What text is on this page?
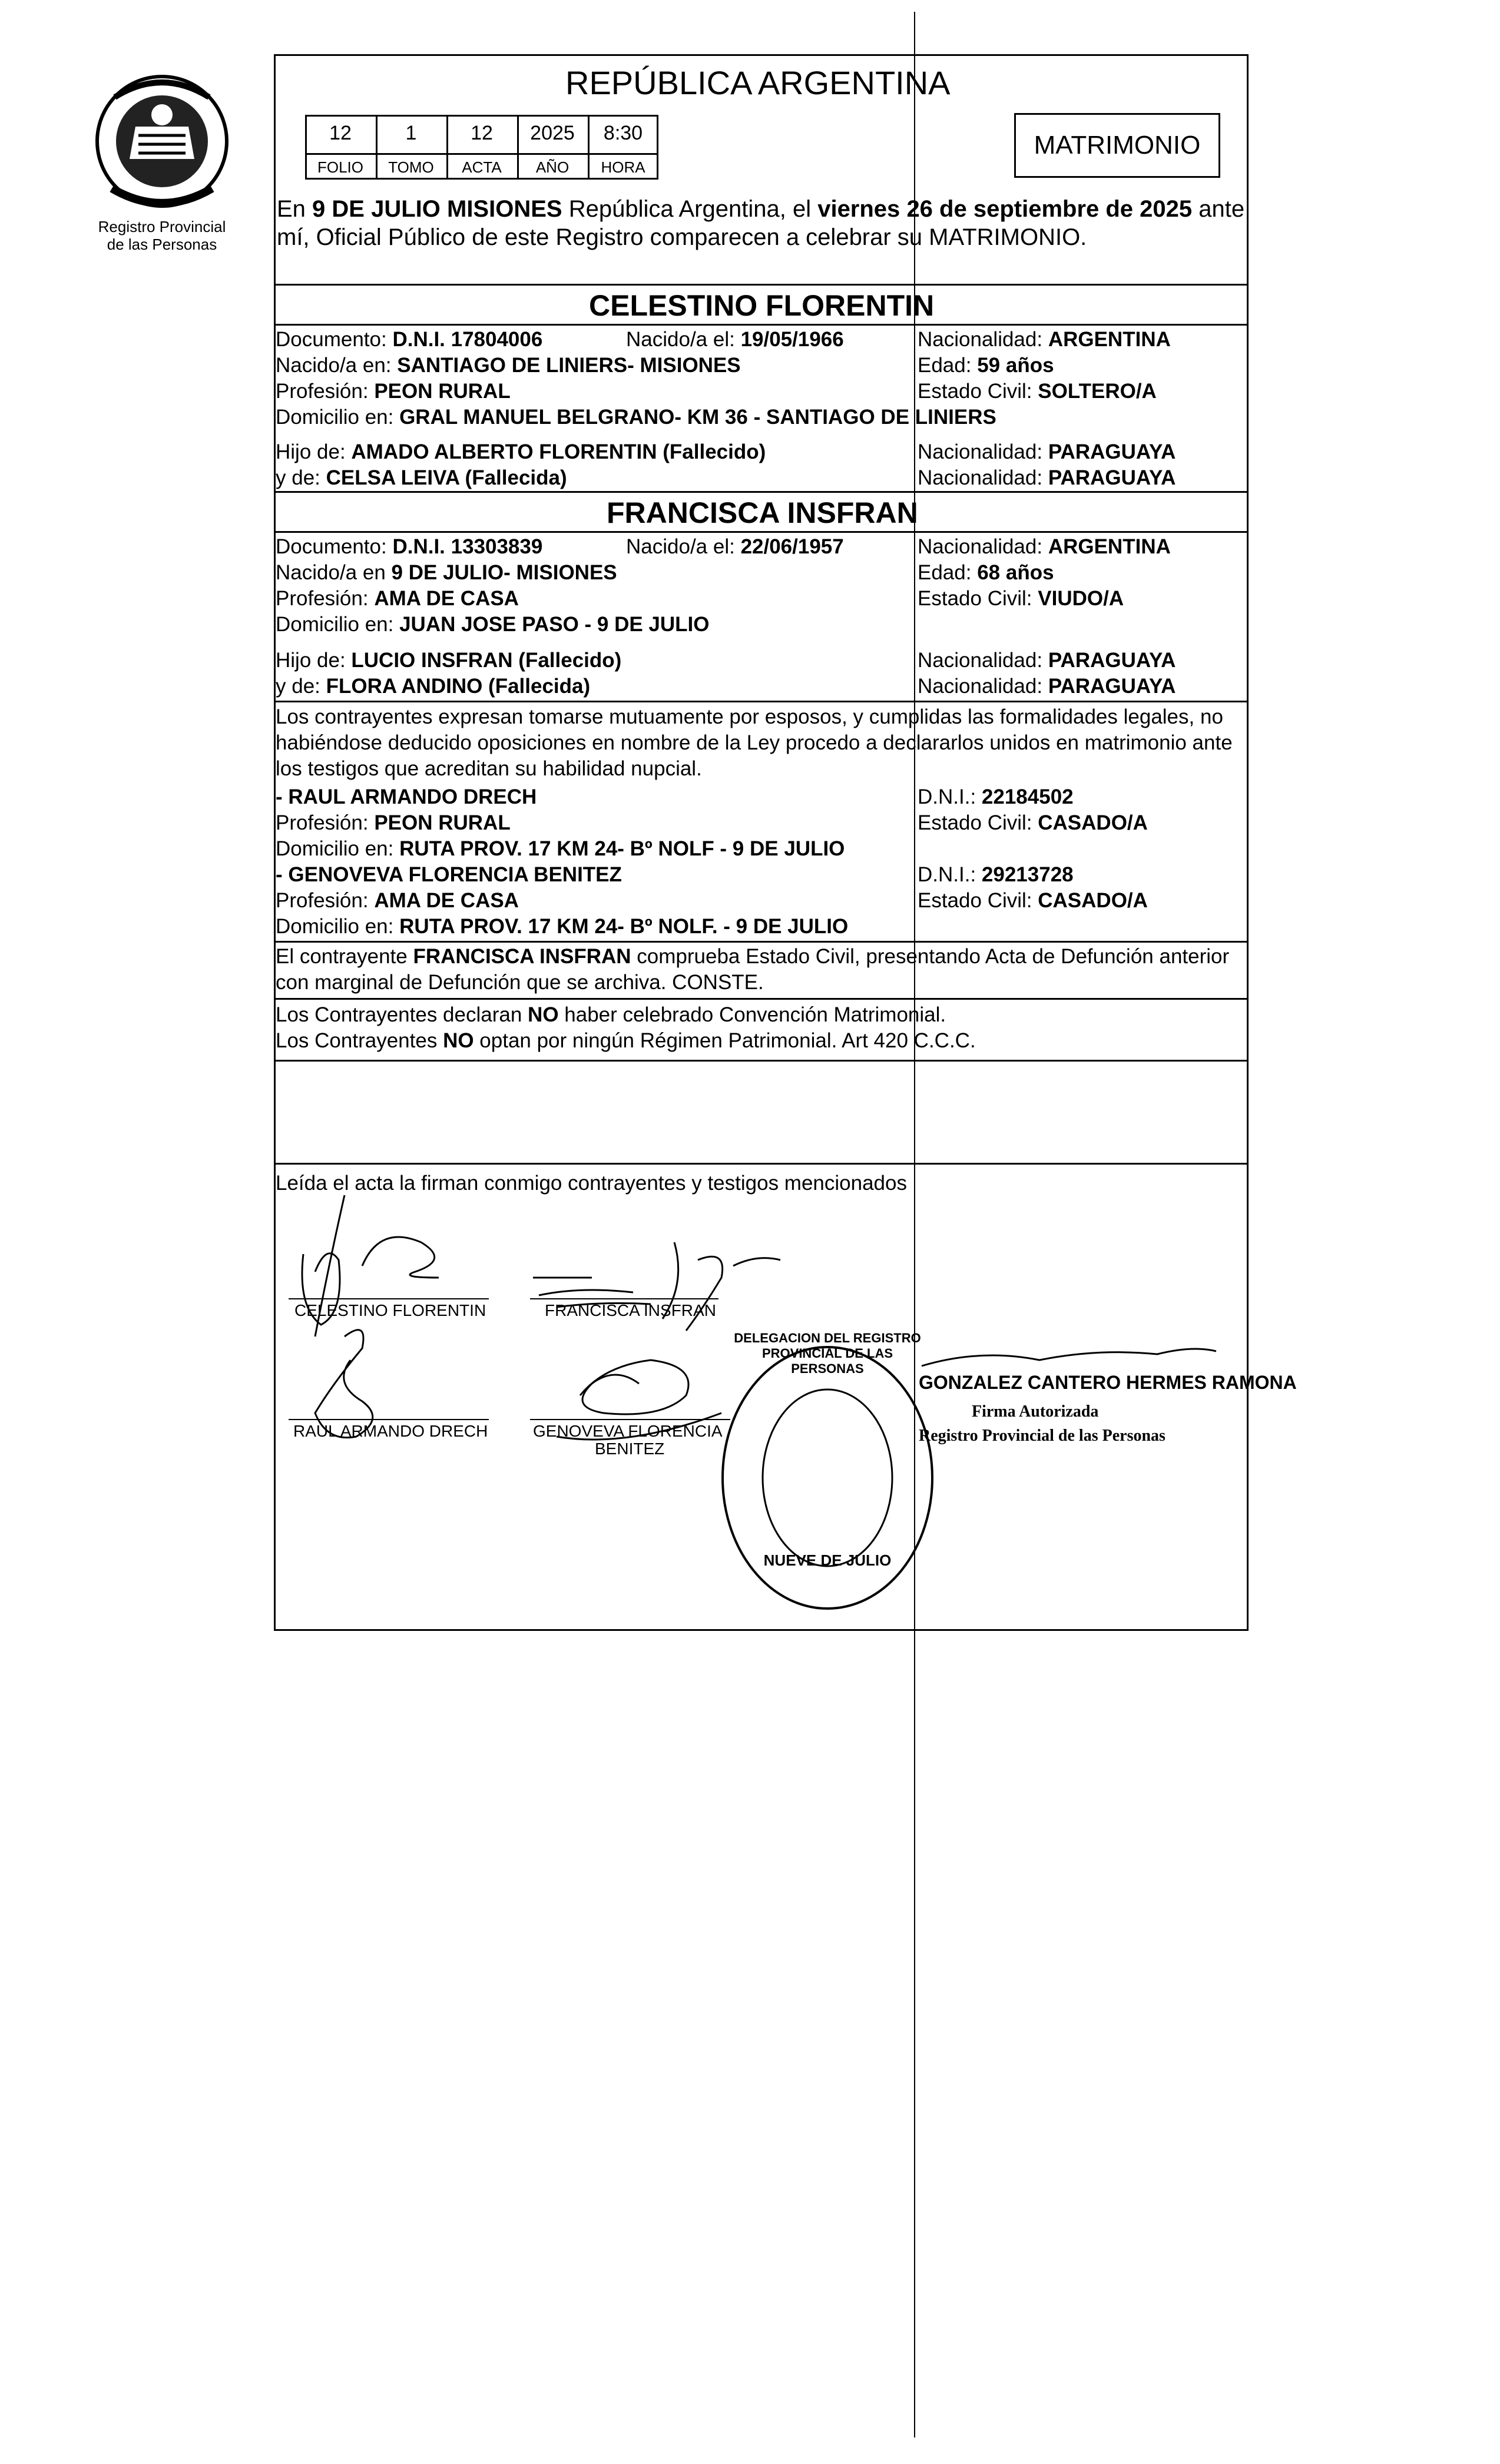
Registro Provincial de las Personas
REPÚBLICA ARGENTINA
12	1	12	2025	8:30
FOLIO	TOMO	ACTA	AÑO	HORA
MATRIMONIO
En 9 DE JULIO MISIONES República Argentina, el viernes 26 de septiembre de 2025 ante
mí, Oficial Público de este Registro comparecen a celebrar su MATRIMONIO.
CELESTINO FLORENTIN
Documento: D.N.I. 17804006	Nacido/a el: 19/05/1966	Nacionalidad: ARGENTINA
Nacido/a en: SANTIAGO DE LINIERS- MISIONES	Edad: 59 años
Profesión: PEON RURAL	Estado Civil: SOLTERO/A
Domicilio en: GRAL MANUEL BELGRANO- KM 36 - SANTIAGO DE LINIERS
Hijo de: AMADO ALBERTO FLORENTIN (Fallecido)	Nacionalidad: PARAGUAYA
y de: CELSA LEIVA (Fallecida)	Nacionalidad: PARAGUAYA
FRANCISCA INSFRAN
Documento: D.N.I. 13303839	Nacido/a el: 22/06/1957	Nacionalidad: ARGENTINA
Nacido/a en 9 DE JULIO- MISIONES	Edad: 68 años
Profesión: AMA DE CASA	Estado Civil: VIUDO/A
Domicilio en: JUAN JOSE PASO - 9 DE JULIO
Hijo de: LUCIO INSFRAN (Fallecido)	Nacionalidad: PARAGUAYA
y de: FLORA ANDINO (Fallecida)	Nacionalidad: PARAGUAYA
Los contrayentes expresan tomarse mutuamente por esposos, y cumplidas las formalidades legales, no
habiéndose deducido oposiciones en nombre de la Ley procedo a declararlos unidos en matrimonio ante
los testigos que acreditan su habilidad nupcial.
- RAUL ARMANDO DRECH	D.N.I.: 22184502
Profesión: PEON RURAL	Estado Civil: CASADO/A
Domicilio en: RUTA PROV. 17 KM 24- Bº NOLF - 9 DE JULIO
- GENOVEVA FLORENCIA BENITEZ	D.N.I.: 29213728
Profesión: AMA DE CASA	Estado Civil: CASADO/A
Domicilio en: RUTA PROV. 17 KM 24- Bº NOLF. - 9 DE JULIO
El contrayente FRANCISCA INSFRAN comprueba Estado Civil, presentando Acta de Defunción anterior
con marginal de Defunción que se archiva. CONSTE.
Los Contrayentes declaran NO haber celebrado Convención Matrimonial.
Los Contrayentes NO optan por ningún Régimen Patrimonial. Art 420 C.C.C.
Leída el acta la firman conmigo contrayentes y testigos mencionados
CELESTINO FLORENTIN	FRANCISCA INSFRAN
RAUL ARMANDO DRECH	GENOVEVA FLORENCIA
BENITEZ
GONZALEZ CANTERO HERMES RAMONA
Firma Autorizada
Registro Provincial de las Personas
DELEGACION DEL REGISTRO PROVINCIAL DE LAS PERSONAS
NUEVE DE JULIO
